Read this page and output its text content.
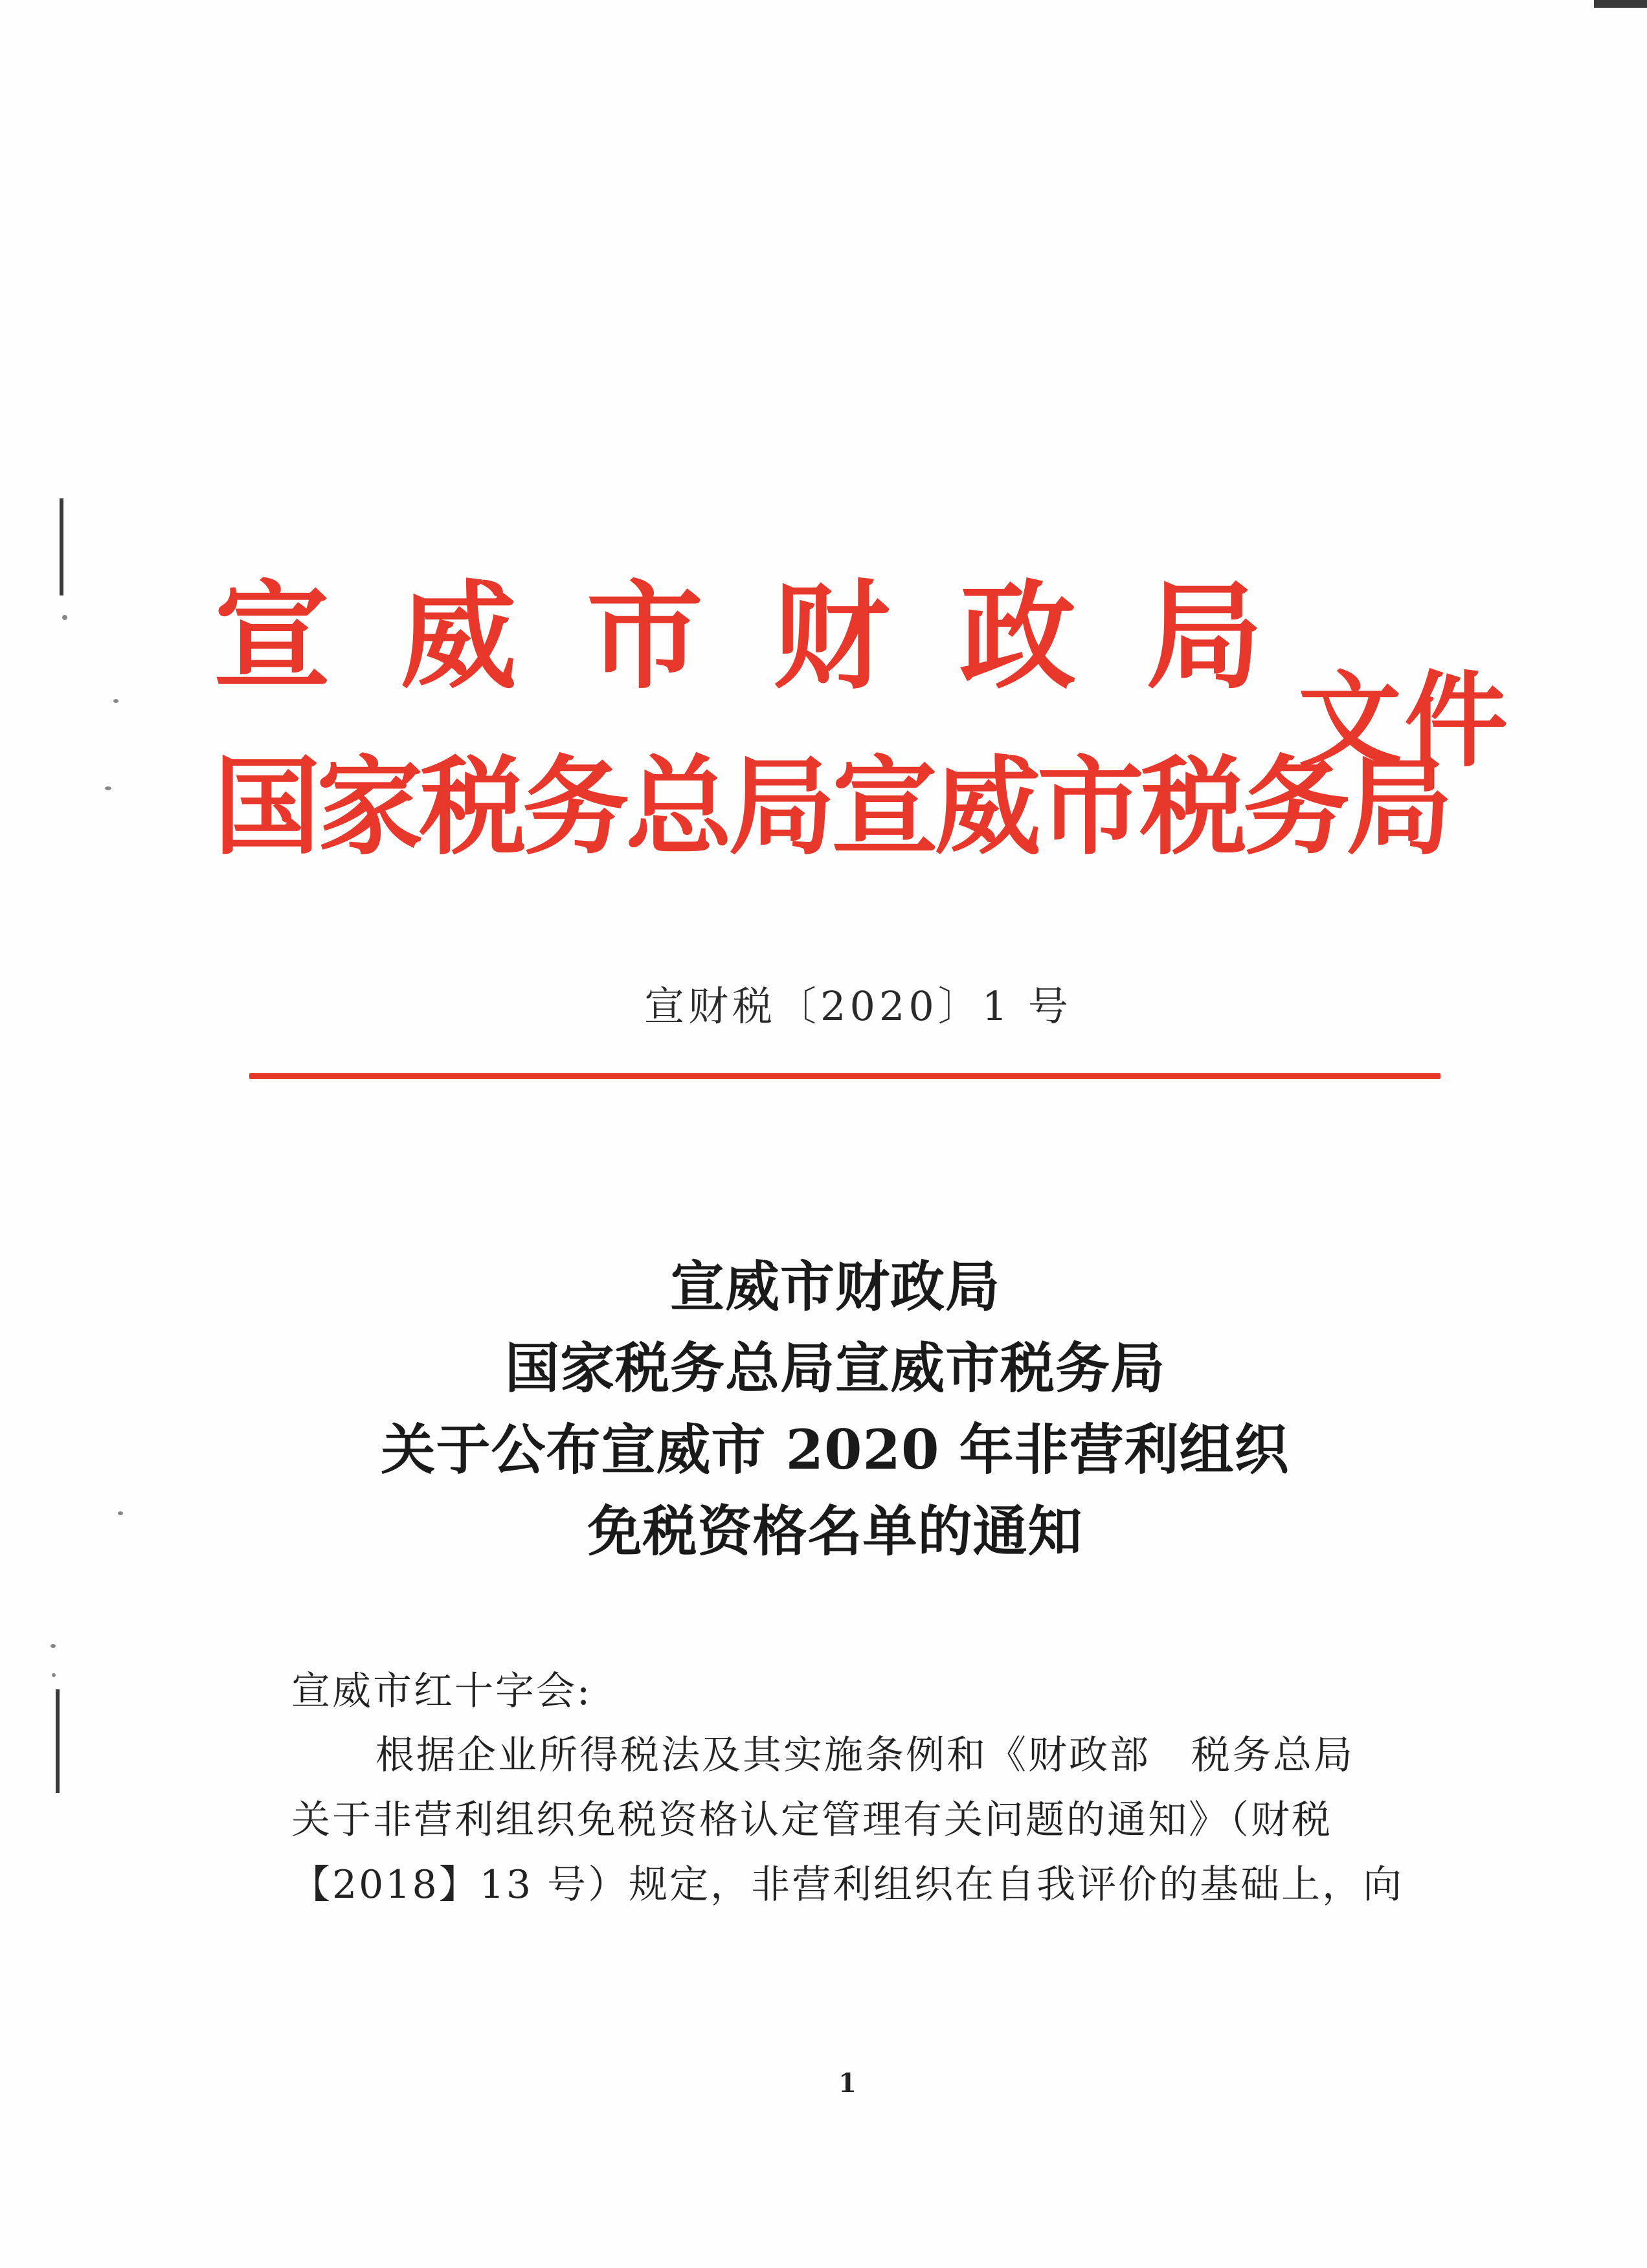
宣威市财政局
国家税务总局宣威市税务局
文件
宣财税〔2020〕1 号
宣威市财政局
国家税务总局宣威市税务局
关于公布宣威市 2020 年非营利组织
免税资格名单的通知
宣威市红十字会:
根据企业所得税法及其实施条例和《财政部　税务总局
关于非营利组织免税资格认定管理有关问题的通知》（财税
【2018】13 号）规定，非营利组织在自我评价的基础上，向
1
